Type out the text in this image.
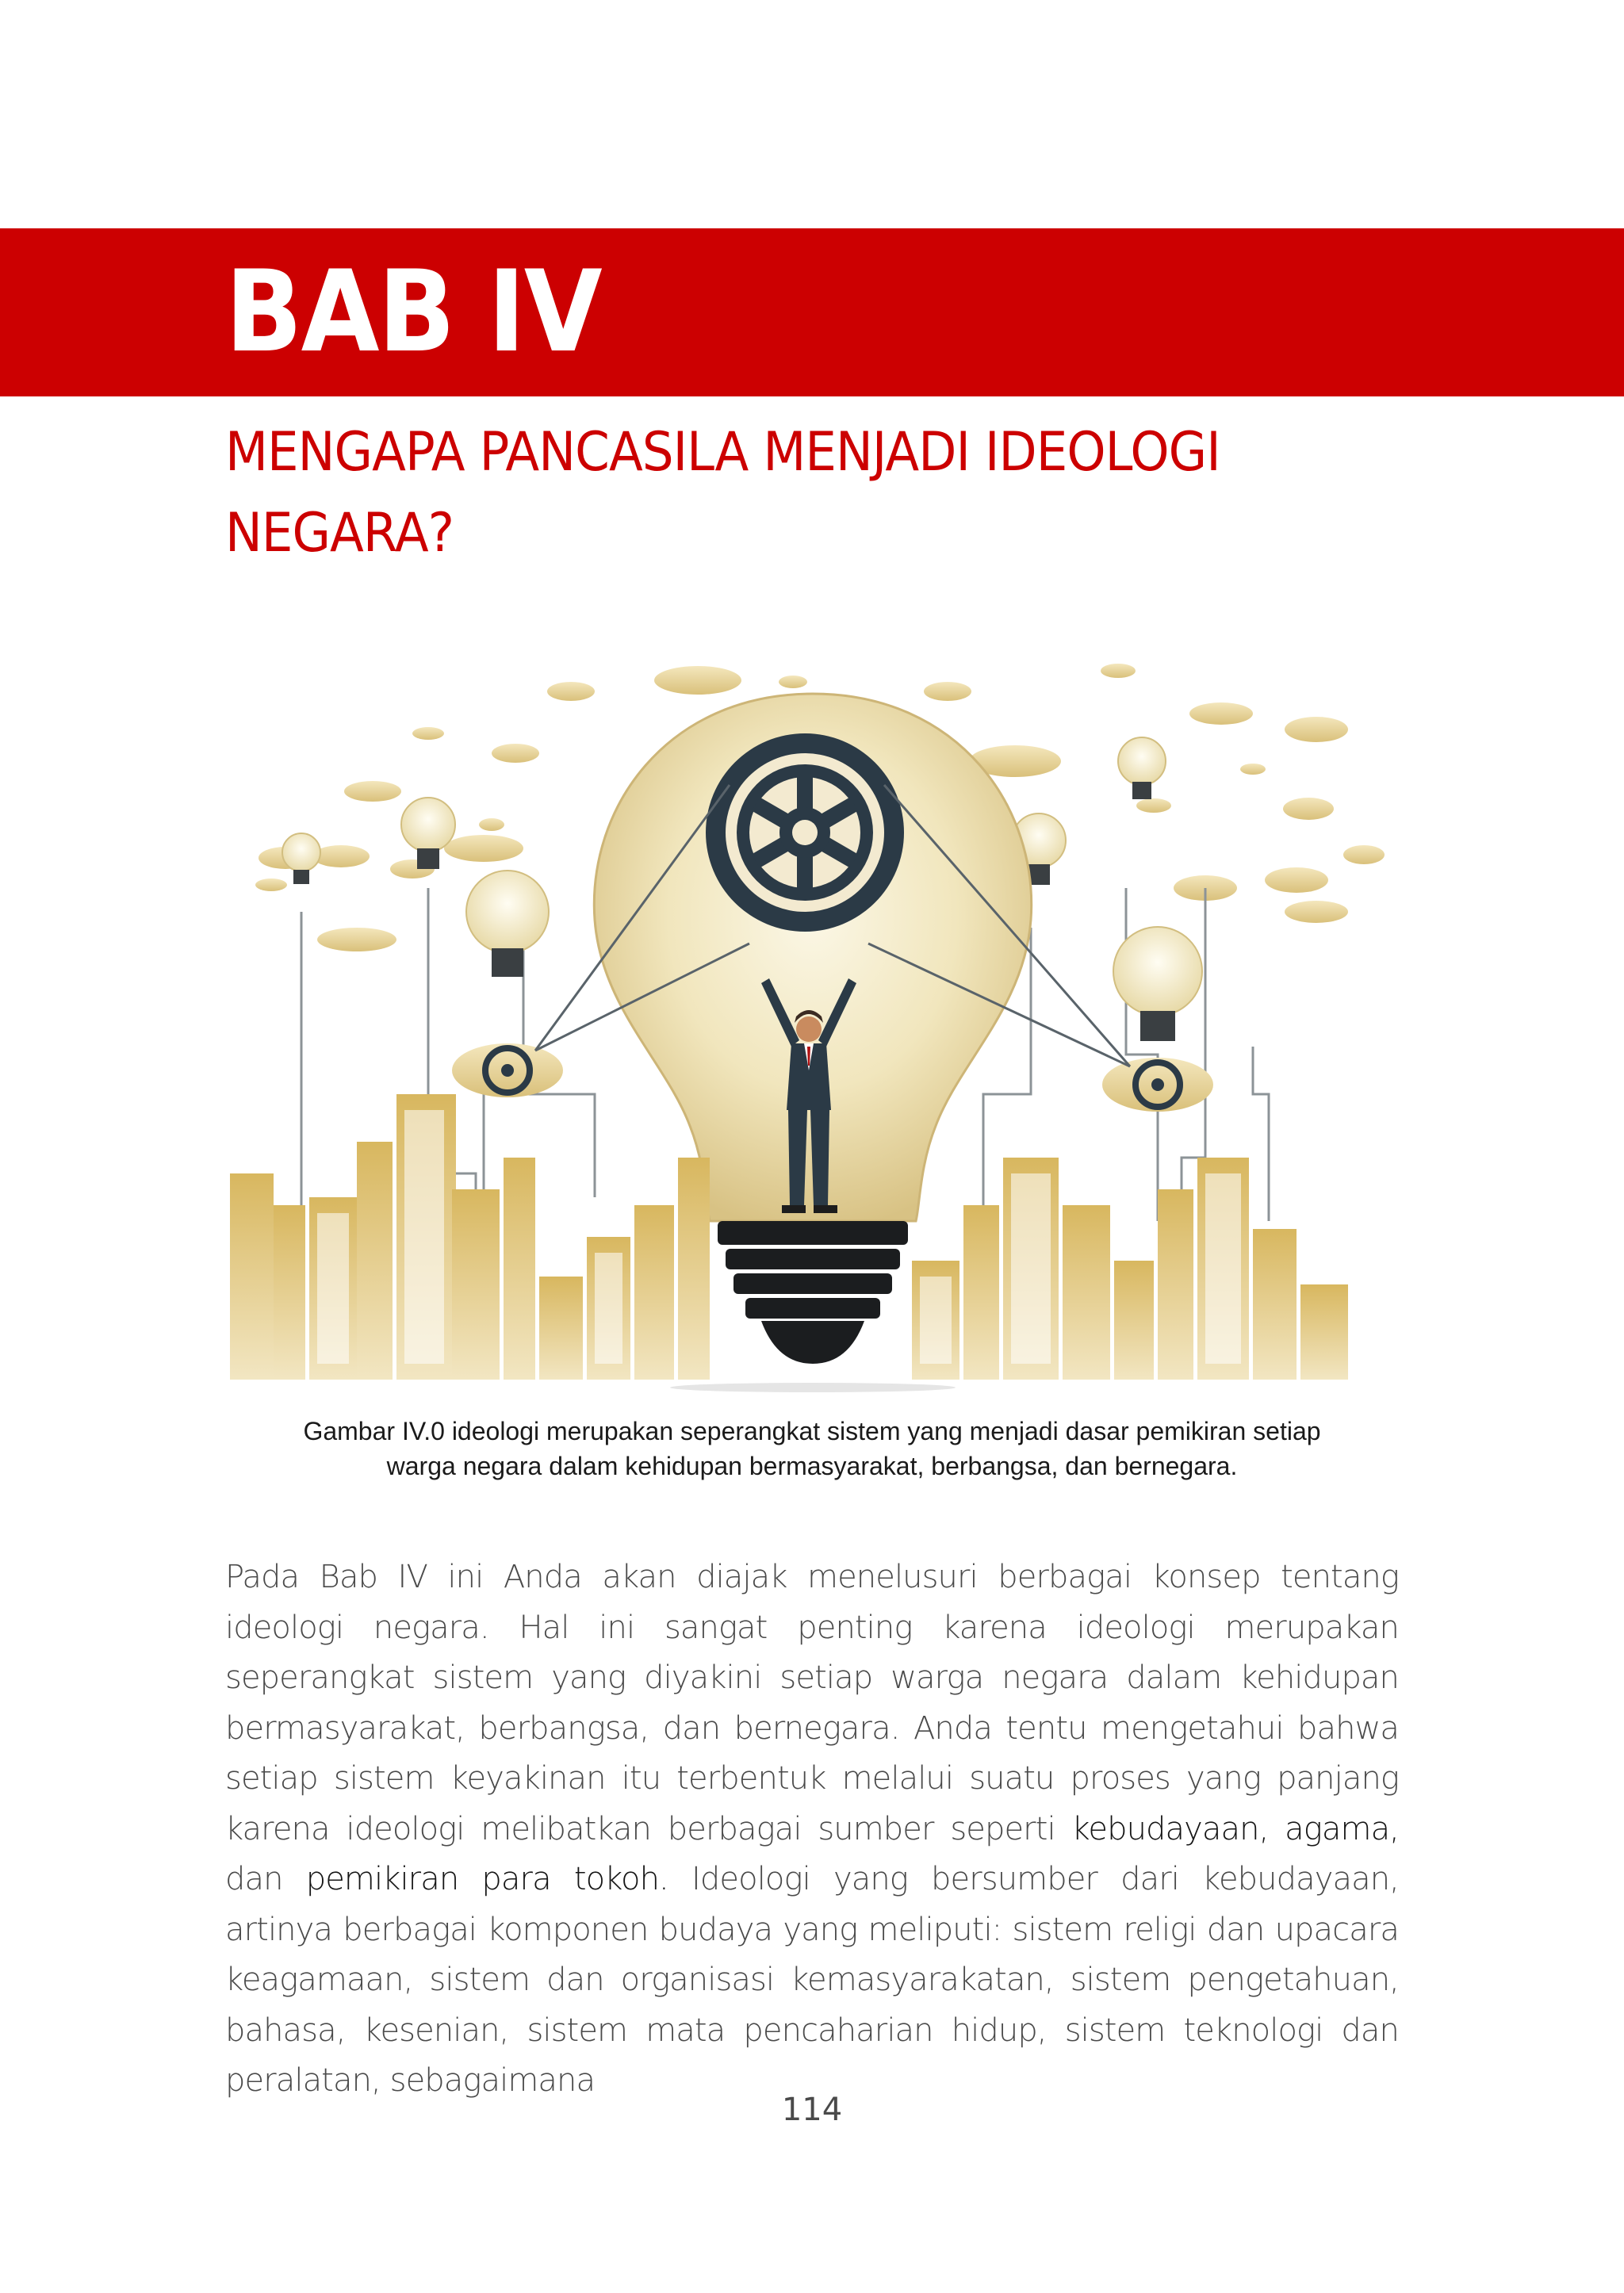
BAB IV
MENGAPA PANCASILA MENJADI IDEOLOGI NEGARA?

Gambar IV.0 ideologi merupakan seperangkat sistem yang menjadi dasar pemikiran setiap
warga negara dalam kehidupan bermasyarakat, berbangsa, dan bernegara.

Pada Bab IV ini Anda akan diajak menelusuri berbagai konsep tentang ideologi negara. Hal ini sangat penting karena ideologi merupakan seperangkat sistem yang diyakini setiap warga negara dalam kehidupan bermasyarakat, berbangsa, dan bernegara. Anda tentu mengetahui bahwa setiap sistem keyakinan itu terbentuk melalui suatu proses yang panjang karena ideologi melibatkan berbagai sumber seperti kebudayaan, agama, dan pemikiran para tokoh. Ideologi yang bersumber dari kebudayaan, artinya berbagai komponen budaya yang meliputi: sistem religi dan upacara keagamaan, sistem dan organisasi kemasyarakatan, sistem pengetahuan, bahasa, kesenian, sistem mata pencaharian hidup, sistem teknologi dan peralatan, sebagaimana

114
